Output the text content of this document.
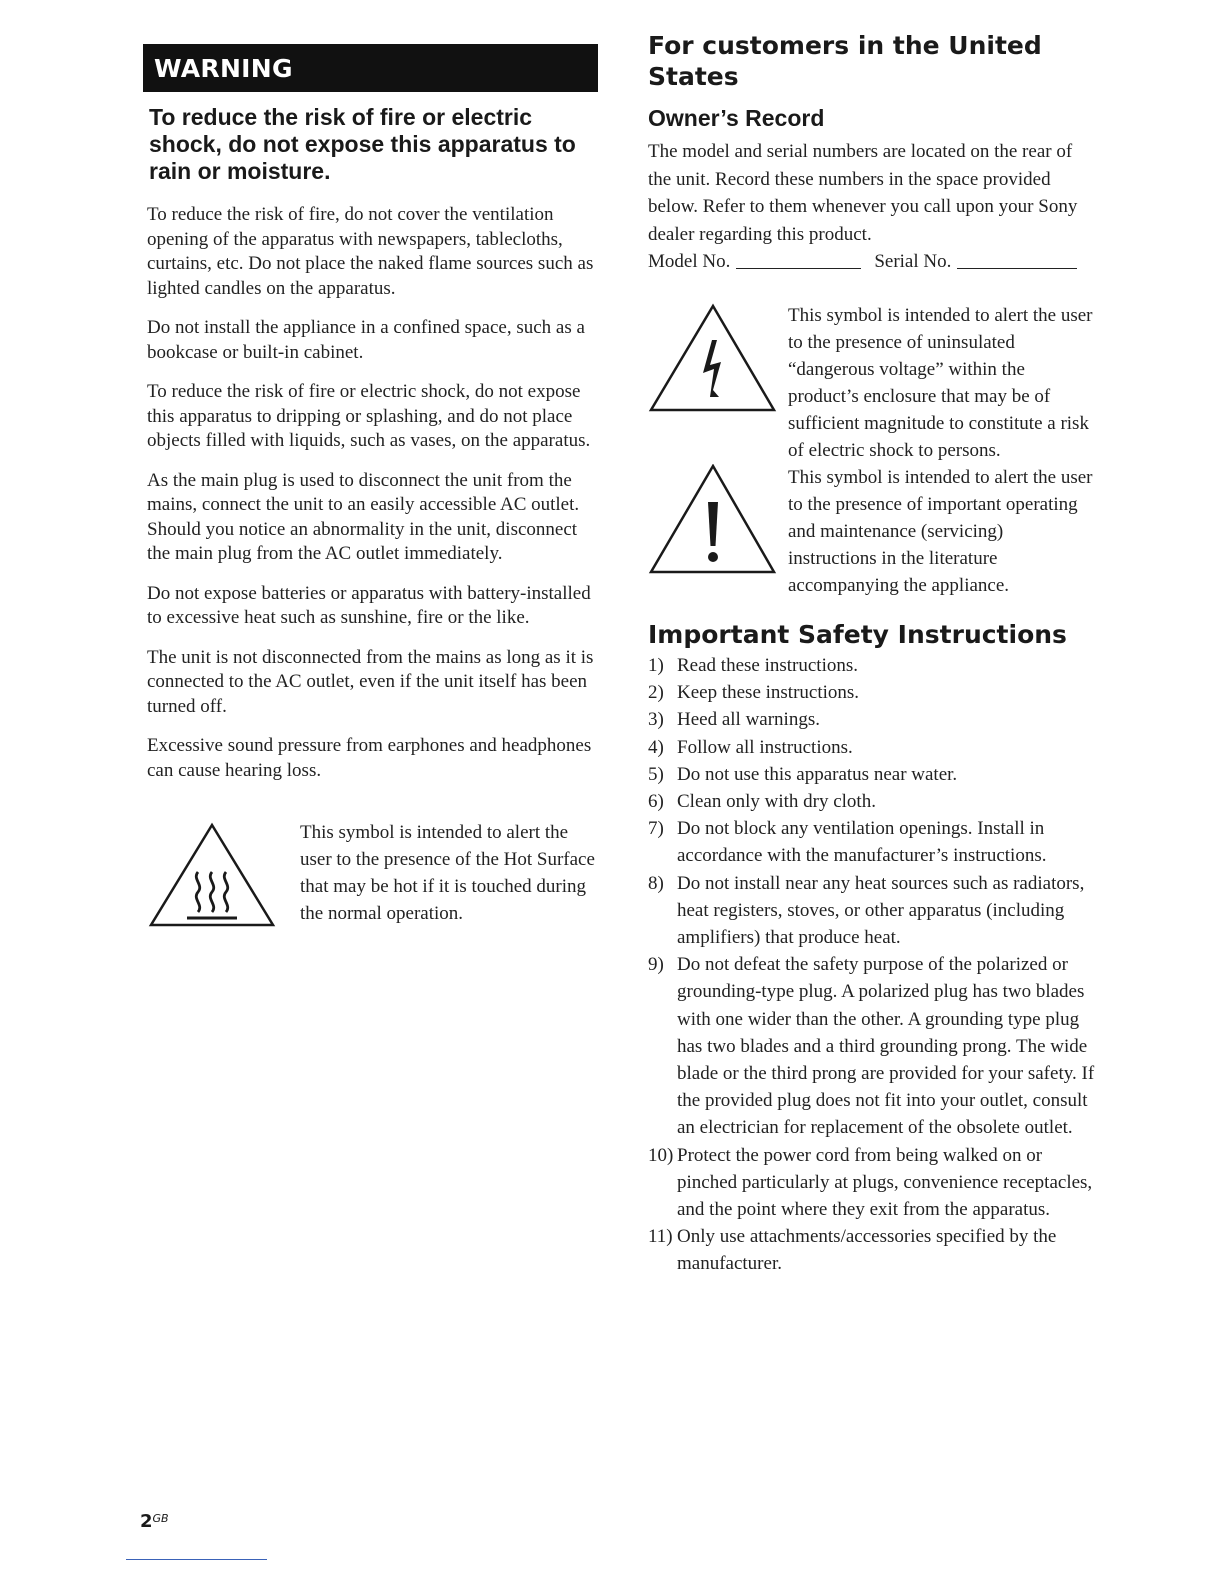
WARNING
To reduce the risk of fire or electric shock, do not expose this apparatus to rain or moisture.

To reduce the risk of fire, do not cover the ventilation opening of the apparatus with newspapers, tablecloths, curtains, etc. Do not place the naked flame sources such as lighted candles on the apparatus.

Do not install the appliance in a confined space, such as a bookcase or built-in cabinet.

To reduce the risk of fire or electric shock, do not expose this apparatus to dripping or splashing, and do not place objects filled with liquids, such as vases, on the apparatus.

As the main plug is used to disconnect the unit from the mains, connect the unit to an easily accessible AC outlet. Should you notice an abnormality in the unit, disconnect the main plug from the AC outlet immediately.

Do not expose batteries or apparatus with battery-installed to excessive heat such as sunshine, fire or the like.

The unit is not disconnected from the mains as long as it is connected to the AC outlet, even if the unit itself has been turned off.

Excessive sound pressure from earphones and headphones can cause hearing loss.

This symbol is intended to alert the user to the presence of the Hot Surface that may be hot if it is touched during the normal operation.
For customers in the United States
Owner’s Record
The model and serial numbers are located on the rear of the unit. Record these numbers in the space provided below. Refer to them whenever you call upon your Sony dealer regarding this product.
Model No.	Serial No.
This symbol is intended to alert the user to the presence of uninsulated “dangerous voltage” within the product’s enclosure that may be of sufficient magnitude to constitute a risk of electric shock to persons.
This symbol is intended to alert the user to the presence of important operating and maintenance (servicing) instructions in the literature accompanying the appliance.
Important Safety Instructions
1) Read these instructions.
2) Keep these instructions.
3) Heed all warnings.
4) Follow all instructions.
5) Do not use this apparatus near water.
6) Clean only with dry cloth.
7) Do not block any ventilation openings. Install in accordance with the manufacturer’s instructions.
8) Do not install near any heat sources such as radiators, heat registers, stoves, or other apparatus (including amplifiers) that produce heat.
9) Do not defeat the safety purpose of the polarized or grounding-type plug. A polarized plug has two blades with one wider than the other. A grounding type plug has two blades and a third grounding prong. The wide blade or the third prong are provided for your safety. If the provided plug does not fit into your outlet, consult an electrician for replacement of the obsolete outlet.
10) Protect the power cord from being walked on or pinched particularly at plugs, convenience receptacles, and the point where they exit from the apparatus.
11) Only use attachments/accessories specified by the manufacturer.
$2^{GB}$
